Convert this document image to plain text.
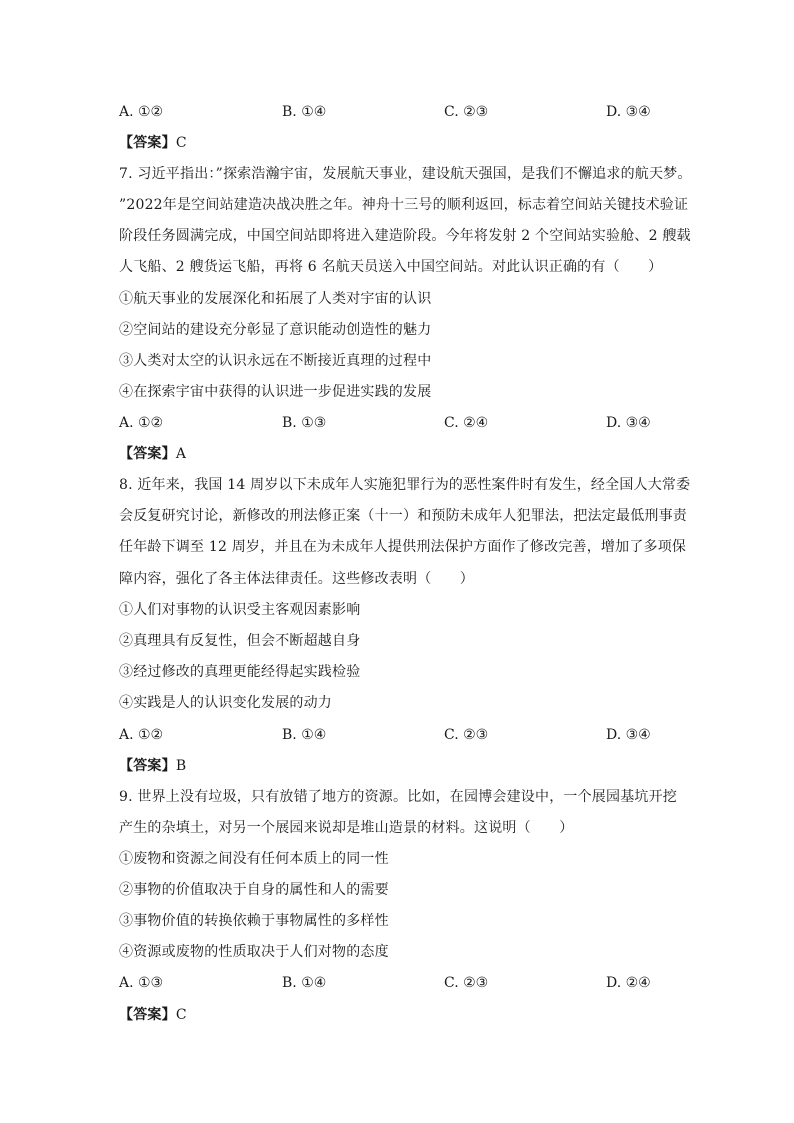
A. ①②	B. ①④	C. ②③	D. ③④
【答案】C
7. 习近平指出：”探索浩瀚宇宙，发展航天事业，建设航天强国，是我们不懈追求的航天梦。
”2022年是空间站建造决战决胜之年。神舟十三号的顺利返回，标志着空间站关键技术验证
阶段任务圆满完成，中国空间站即将进入建造阶段。今年将发射 2 个空间站实验舱、2 艘载
人飞船、2 艘货运飞船，再将 6 名航天员送入中国空间站。对此认识正确的有（　　）
①航天事业的发展深化和拓展了人类对宇宙的认识
②空间站的建设充分彰显了意识能动创造性的魅力
③人类对太空的认识永远在不断接近真理的过程中
④在探索宇宙中获得的认识进一步促进实践的发展
A. ①②	B. ①③	C. ②④	D. ③④
【答案】A
8. 近年来，我国 14 周岁以下未成年人实施犯罪行为的恶性案件时有发生，经全国人大常委
会反复研究讨论，新修改的刑法修正案（十一）和预防未成年人犯罪法，把法定最低刑事责
任年龄下调至 12 周岁，并且在为未成年人提供刑法保护方面作了修改完善，增加了多项保
障内容，强化了各主体法律责任。这些修改表明（　　）
①人们对事物的认识受主客观因素影响
②真理具有反复性，但会不断超越自身
③经过修改的真理更能经得起实践检验
④实践是人的认识变化发展的动力
A. ①②	B. ①④	C. ②③	D. ③④
【答案】B
9. 世界上没有垃圾，只有放错了地方的资源。比如，在园博会建设中，一个展园基坑开挖
产生的杂填土，对另一个展园来说却是堆山造景的材料。这说明（　　）
①废物和资源之间没有任何本质上的同一性
②事物的价值取决于自身的属性和人的需要
③事物价值的转换依赖于事物属性的多样性
④资源或废物的性质取决于人们对物的态度
A. ①③	B. ①④	C. ②③	D. ②④
【答案】C
